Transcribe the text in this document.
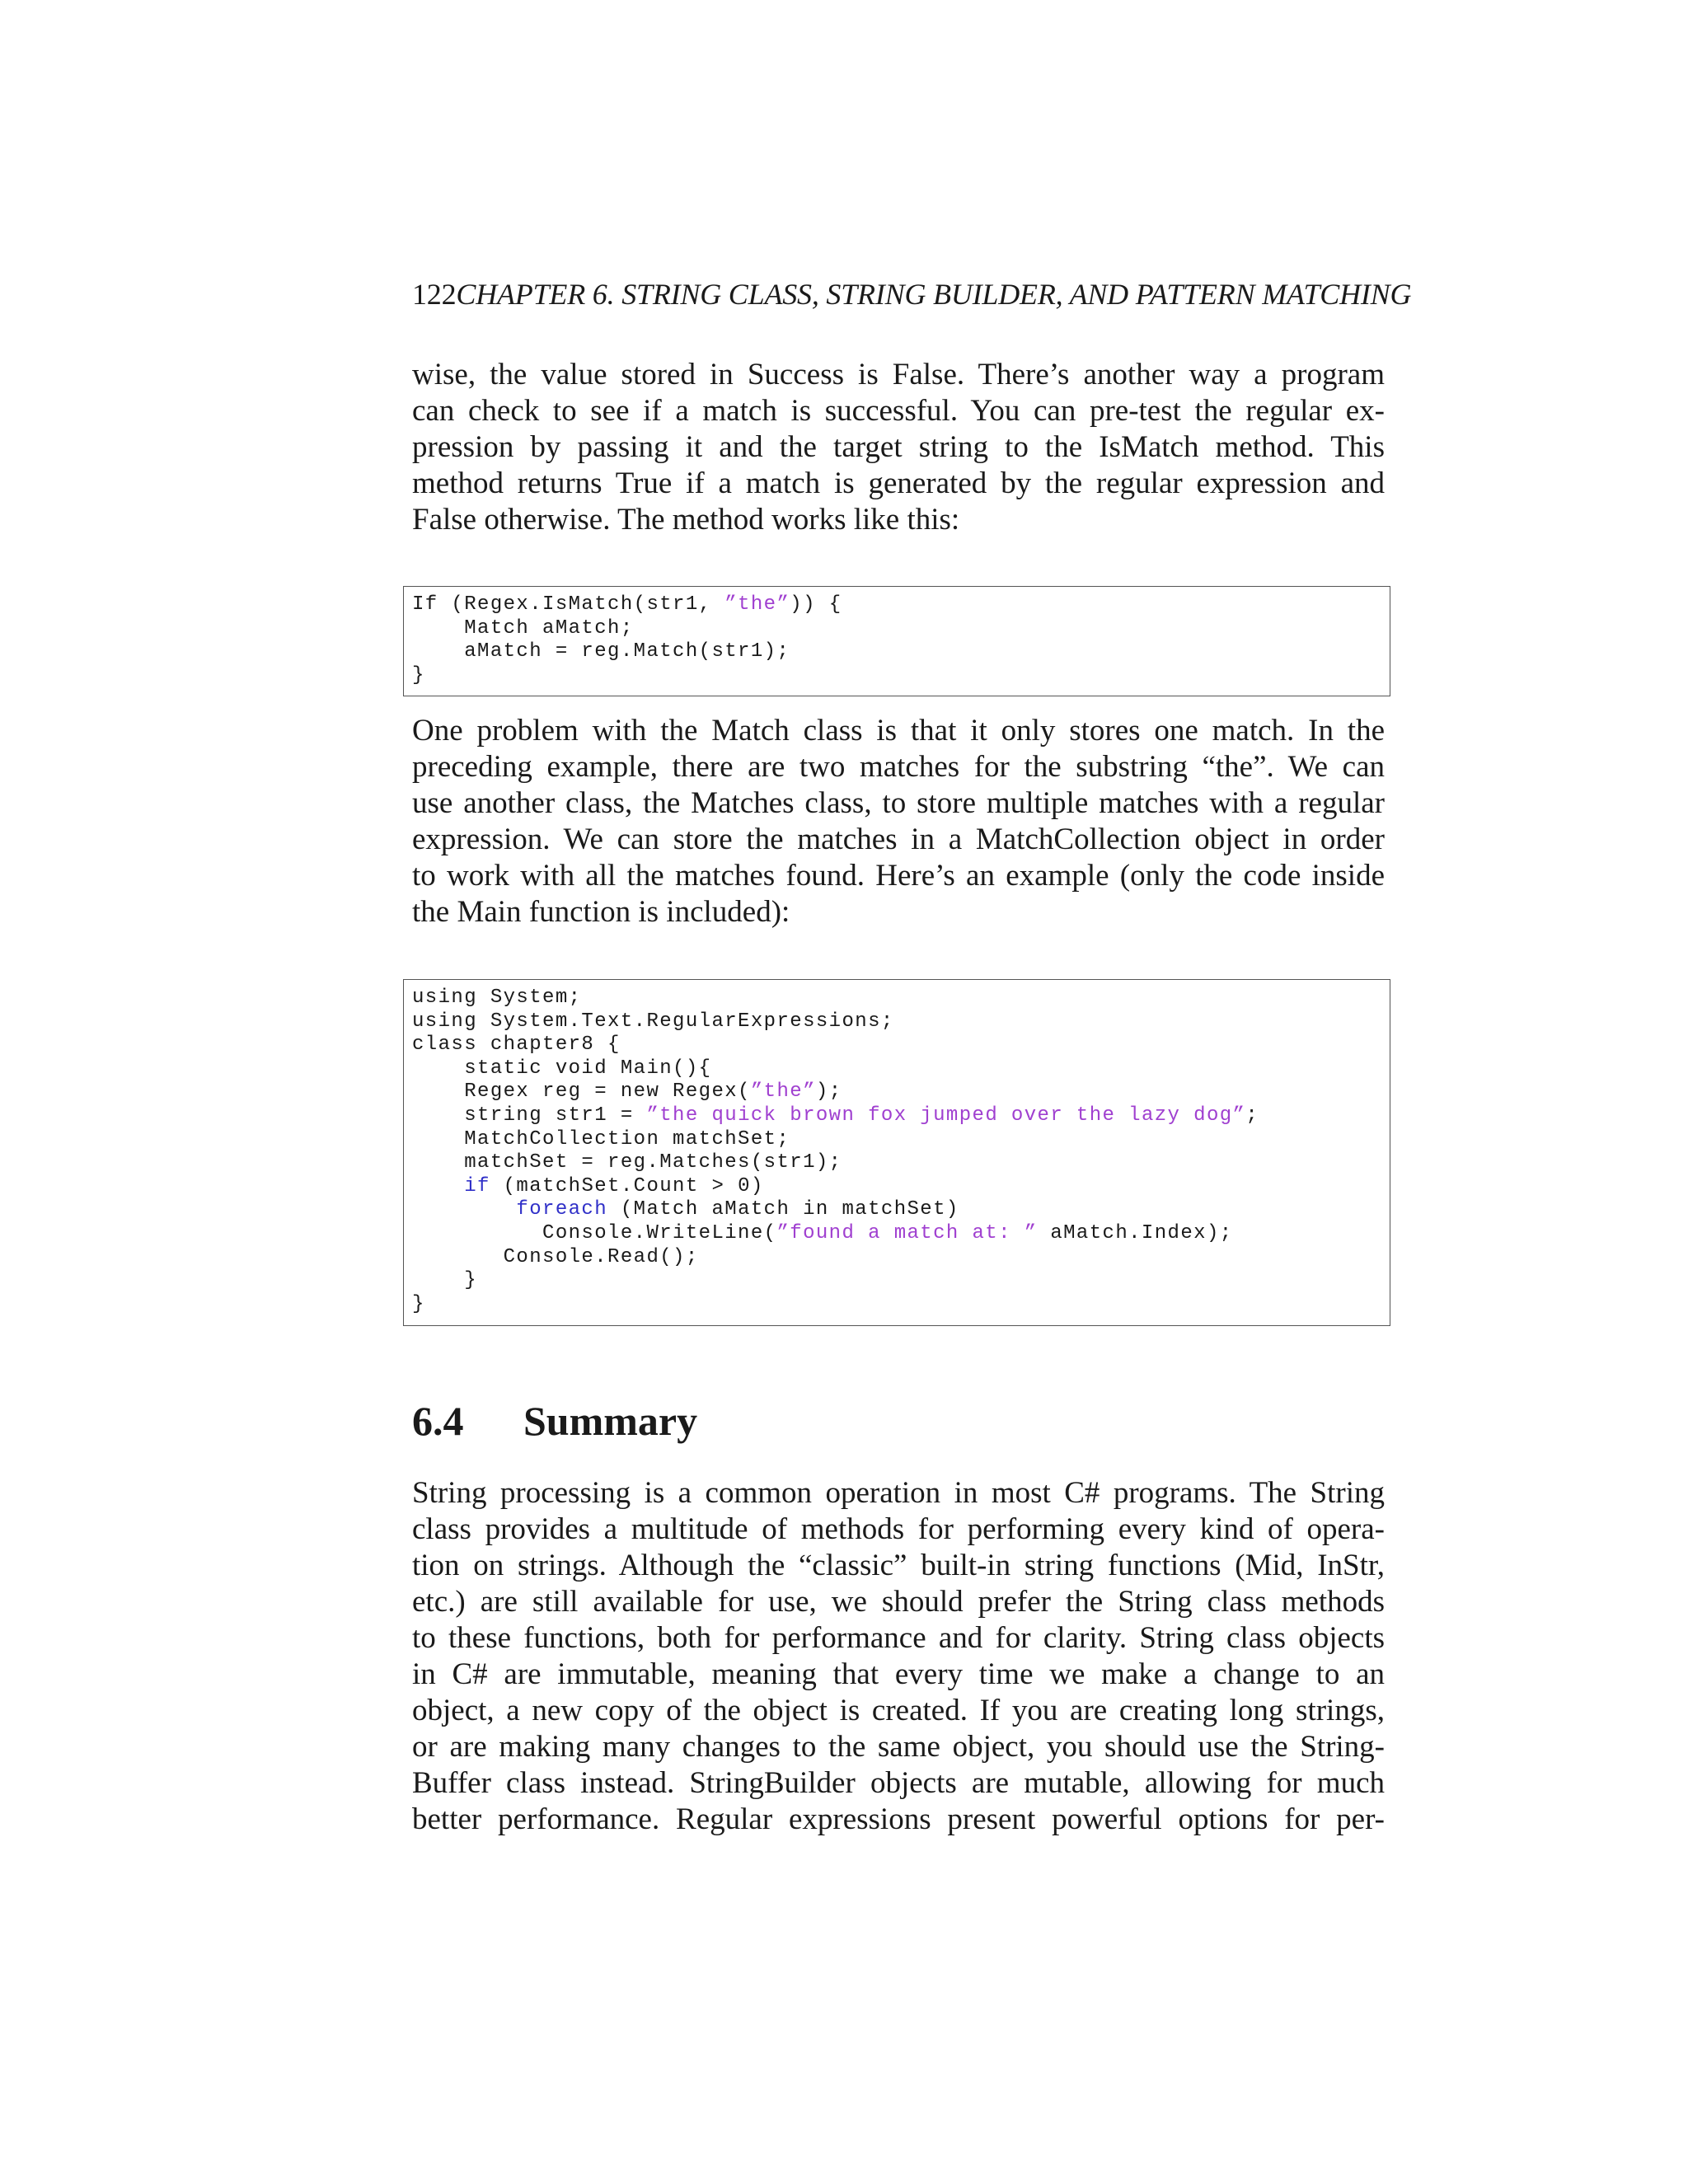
122CHAPTER 6. STRING CLASS, STRING BUILDER, AND PATTERN MATCHING
wise, the value stored in Success is False. There’s another way a program
can check to see if a match is successful. You can pre-test the regular ex-
pression by passing it and the target string to the IsMatch method. This
method returns True if a match is generated by the regular expression and
False otherwise. The method works like this:
If (Regex.IsMatch(str1, ”the”)) {
Match aMatch;
aMatch = reg.Match(str1);
}
One problem with the Match class is that it only stores one match. In the
preceding example, there are two matches for the substring “the”. We can
use another class, the Matches class, to store multiple matches with a regular
expression. We can store the matches in a MatchCollection object in order
to work with all the matches found. Here’s an example (only the code inside
the Main function is included):
using System;
using System.Text.RegularExpressions;
class chapter8 {
static void Main(){
Regex reg = new Regex(”the”);
string str1 = ”the quick brown fox jumped over the lazy dog”;
MatchCollection matchSet;
matchSet = reg.Matches(str1);
if (matchSet.Count > 0)
foreach (Match aMatch in matchSet)
Console.WriteLine(”found a match at: ” aMatch.Index);
Console.Read();
}
}
6.4 Summary
String processing is a common operation in most C# programs. The String
class provides a multitude of methods for performing every kind of opera-
tion on strings. Although the “classic” built-in string functions (Mid, InStr,
etc.) are still available for use, we should prefer the String class methods
to these functions, both for performance and for clarity. String class objects
in C# are immutable, meaning that every time we make a change to an
object, a new copy of the object is created. If you are creating long strings,
or are making many changes to the same object, you should use the String-
Buffer class instead. StringBuilder objects are mutable, allowing for much
better performance. Regular expressions present powerful options for per-
